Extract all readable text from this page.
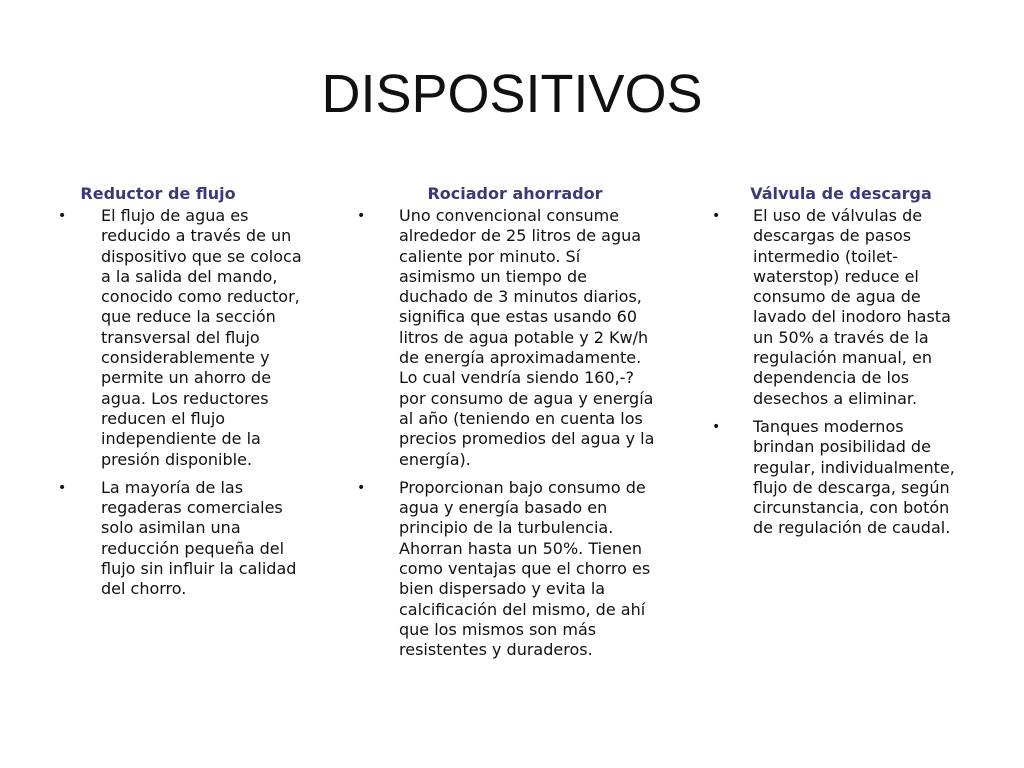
DISPOSITIVOS
Reductor de flujo
• El flujo de agua es reducido a través de un dispositivo que se coloca a la salida del mando, conocido como reductor, que reduce la sección transversal del flujo considerablemente y permite un ahorro de agua. Los reductores reducen el flujo independiente de la presión disponible.
• La mayoría de las regaderas comerciales solo asimilan una reducción pequeña del flujo sin influir la calidad del chorro.
Rociador ahorrador
• Uno convencional consume alrededor de 25 litros de agua caliente por minuto. Sí asimismo un tiempo de duchado de 3 minutos diarios, significa que estas usando 60 litros de agua potable y 2 Kw/h de energía aproximadamente. Lo cual vendría siendo 160,-? por consumo de agua y energía al año (teniendo en cuenta los precios promedios del agua y la energía).
• Proporcionan bajo consumo de agua y energía basado en principio de la turbulencia. Ahorran hasta un 50%. Tienen como ventajas que el chorro es bien dispersado y evita la calcificación del mismo, de ahí que los mismos son más resistentes y duraderos.
Válvula de descarga
• El uso de válvulas de descargas de pasos intermedio (toilet-waterstop) reduce el consumo de agua de lavado del inodoro hasta un 50% a través de la regulación manual, en dependencia de los desechos a eliminar.
• Tanques modernos brindan posibilidad de regular, individualmente, flujo de descarga, según circunstancia, con botón de regulación de caudal.
